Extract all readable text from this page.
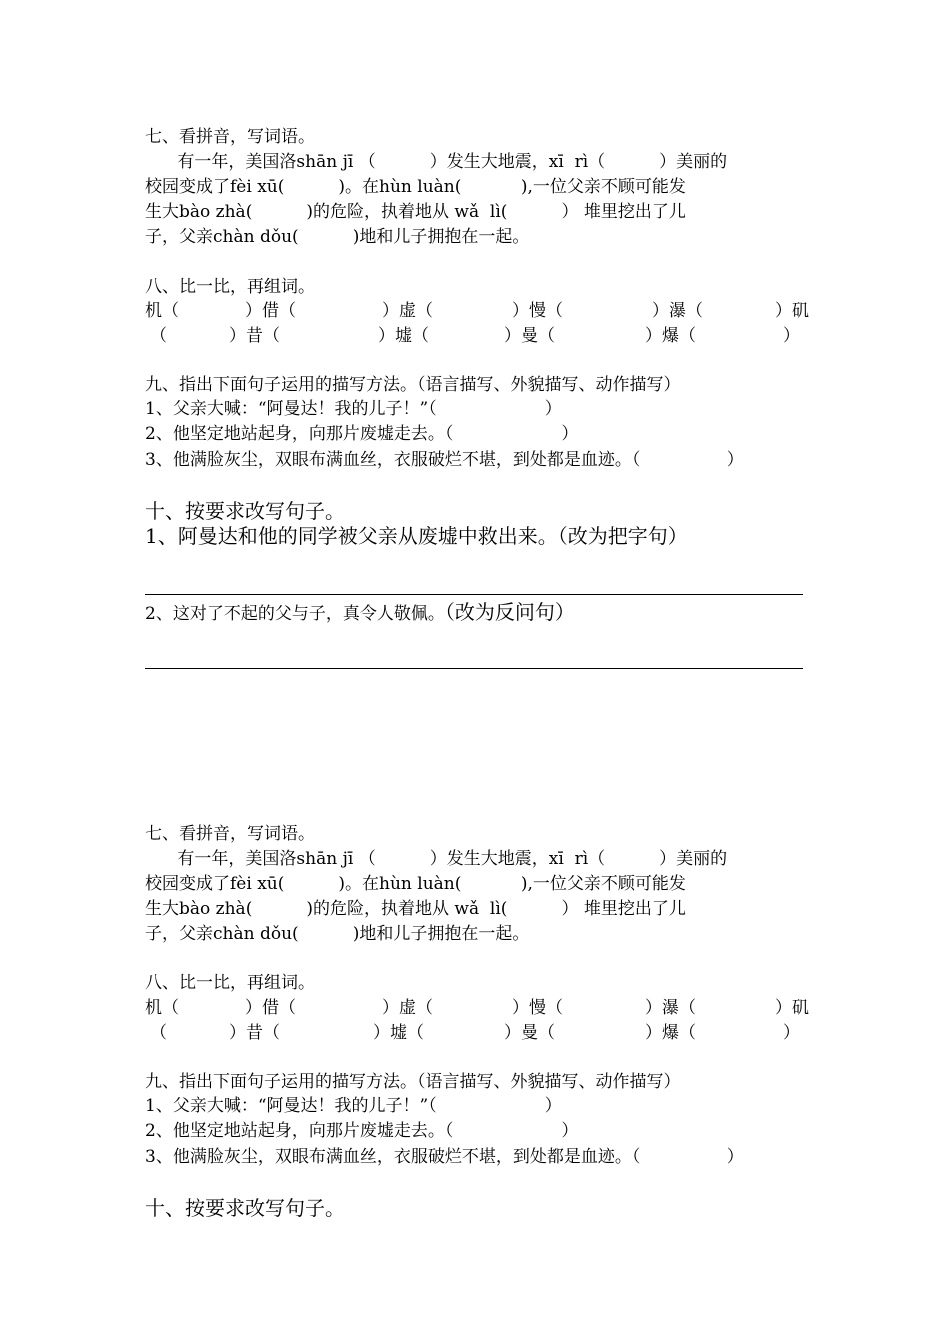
七、看拼音，写词语。
有一年，美国洛shān jī （          ）发生大地震，xī  rì（          ）美丽的
校园变成了fèi xū(          )。在hùn luàn(           ),一位父亲不顾可能发
生大bào zhà(          )的危险，执着地从 wǎ  lì(          ） 堆里挖出了儿
子，父亲chàn dǒu(          )地和儿子拥抱在一起。
八、比一比，再组词。
机（	）借（	）虚（	）慢（	）瀑（	）矶
（	）昔（	）墟（	）曼（	）爆（	）
九、指出下面句子运用的描写方法。（语言描写、外貌描写、动作描写）
1、父亲大喊：“阿曼达！我的儿子！”（                    ）
2、他坚定地站起身，向那片废墟走去。（                    ）
3、他满脸灰尘，双眼布满血丝，衣服破烂不堪，到处都是血迹。（                ）
十、按要求改写句子。
1、阿曼达和他的同学被父亲从废墟中救出来。（改为把字句）
2、这对了不起的父与子，真令人敬佩。（改为反问句）
七、看拼音，写词语。
有一年，美国洛shān jī （          ）发生大地震，xī  rì（          ）美丽的
校园变成了fèi xū(          )。在hùn luàn(           ),一位父亲不顾可能发
生大bào zhà(          )的危险，执着地从 wǎ  lì(          ） 堆里挖出了儿
子，父亲chàn dǒu(          )地和儿子拥抱在一起。
八、比一比，再组词。
机（	）借（	）虚（	）慢（	）瀑（	）矶
（	）昔（	）墟（	）曼（	）爆（	）
九、指出下面句子运用的描写方法。（语言描写、外貌描写、动作描写）
1、父亲大喊：“阿曼达！我的儿子！”（                    ）
2、他坚定地站起身，向那片废墟走去。（                    ）
3、他满脸灰尘，双眼布满血丝，衣服破烂不堪，到处都是血迹。（                ）
十、按要求改写句子。
